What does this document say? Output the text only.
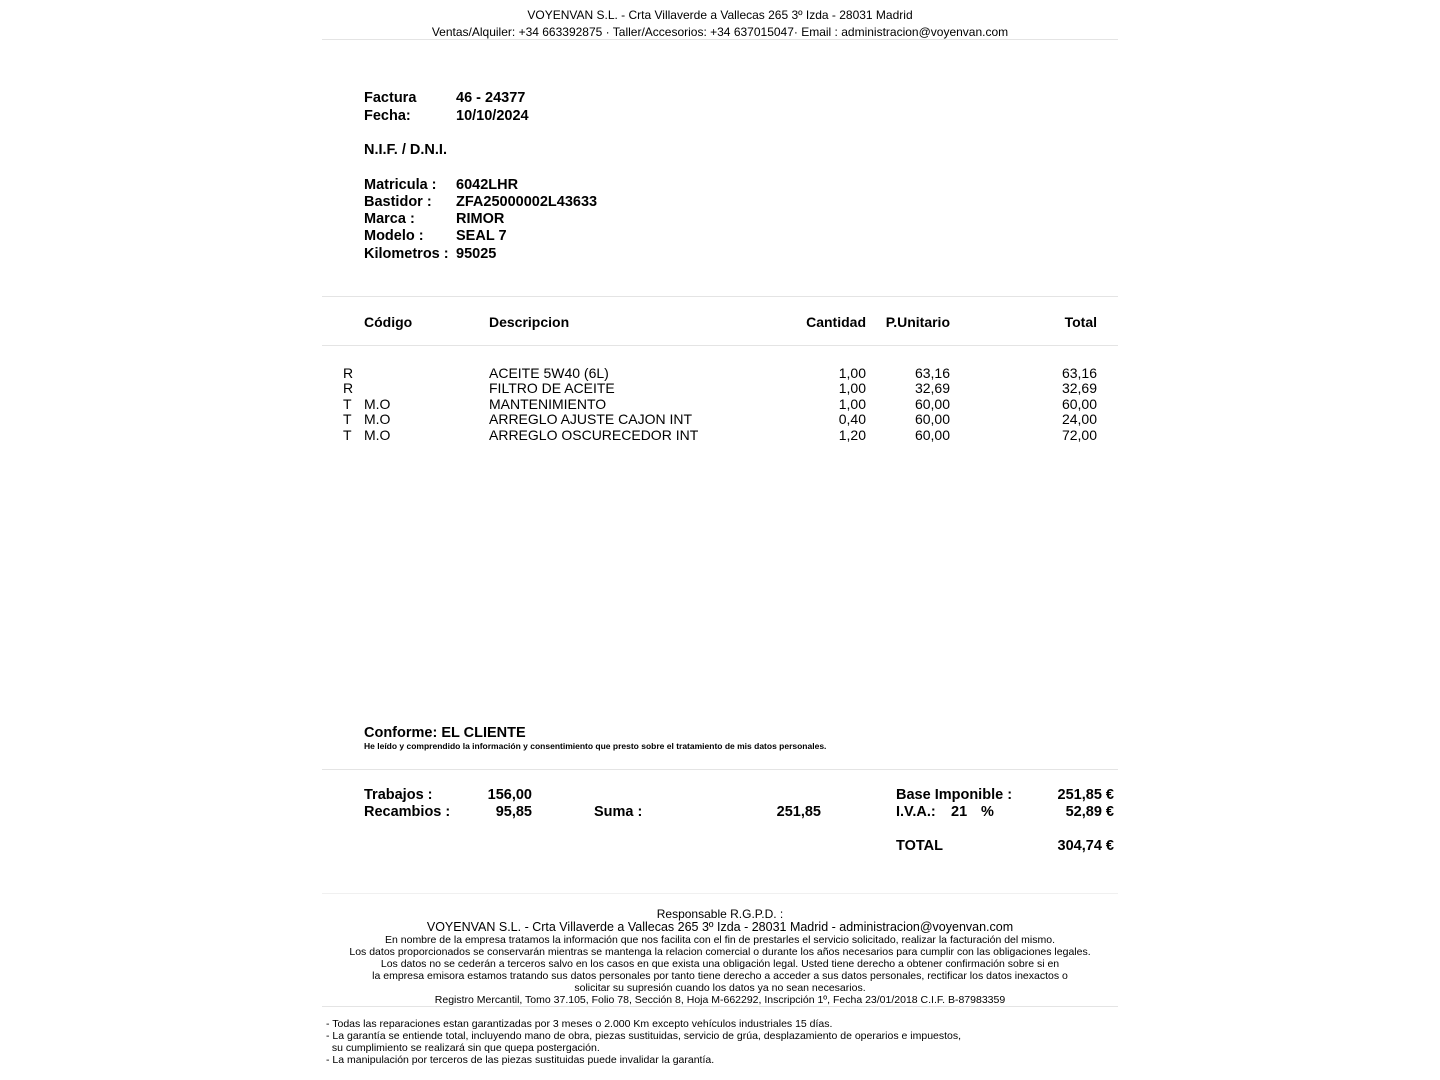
VOYENVAN S.L. - Crta Villaverde a Vallecas 265 3º Izda - 28031 Madrid
Ventas/Alquiler: +34 663392875 · Taller/Accesorios: +34 637015047· Email : administracion@voyenvan.com
Factura	46 - 24377
Fecha:	10/10/2024
N.I.F. / D.N.I.
Matricula : 6042LHR
Bastidor : ZFA25000002L43633
Marca :	RIMOR
Modelo : SEAL 7
Kilometros : 95025
Código	Descripcion	Cantidad	P.Unitario	Total
R	ACEITE 5W40 (6L)	1,00	63,16	63,16
R	FILTRO DE ACEITE	1,00	32,69	32,69
T M.O	MANTENIMIENTO	1,00	60,00	60,00
T M.O	ARREGLO AJUSTE CAJON INT	0,40	60,00	24,00
T M.O	ARREGLO OSCURECEDOR INT	1,20	60,00	72,00
Conforme: EL CLIENTE
He leído y comprendido la información y consentimiento que presto sobre el tratamiento de mis datos personales.
Trabajos :	156,00
Recambios :	95,85	Suma :	251,85
Base Imponible :	251,85 €
I.V.A.: 21 %	52,89 €
TOTAL	304,74 €
Responsable R.G.P.D. :
VOYENVAN S.L. - Crta Villaverde a Vallecas 265 3º Izda - 28031 Madrid - administracion@voyenvan.com
En nombre de la empresa tratamos la información que nos facilita con el fin de prestarles el servicio solicitado, realizar la facturación del mismo.
Los datos proporcionados se conservarán mientras se mantenga la relacion comercial o durante los años necesarios para cumplir con las obligaciones legales.
Los datos no se cederán a terceros salvo en los casos en que exista una obligación legal. Usted tiene derecho a obtener confirmación sobre si en
la empresa emisora estamos tratando sus datos personales por tanto tiene derecho a acceder a sus datos personales, rectificar los datos inexactos o
solicitar su supresión cuando los datos ya no sean necesarios.
Registro Mercantil, Tomo 37.105, Folio 78, Sección 8, Hoja M-662292, Inscripción 1º, Fecha 23/01/2018 C.I.F. B-87983359
- Todas las reparaciones estan garantizadas por 3 meses o 2.000 Km excepto vehículos industriales 15 días.
- La garantía se entiende total, incluyendo mano de obra, piezas sustituidas, servicio de grúa, desplazamiento de operarios e impuestos,
su cumplimiento se realizará sin que quepa postergación.
- La manipulación por terceros de las piezas sustituidas puede invalidar la garantía.
